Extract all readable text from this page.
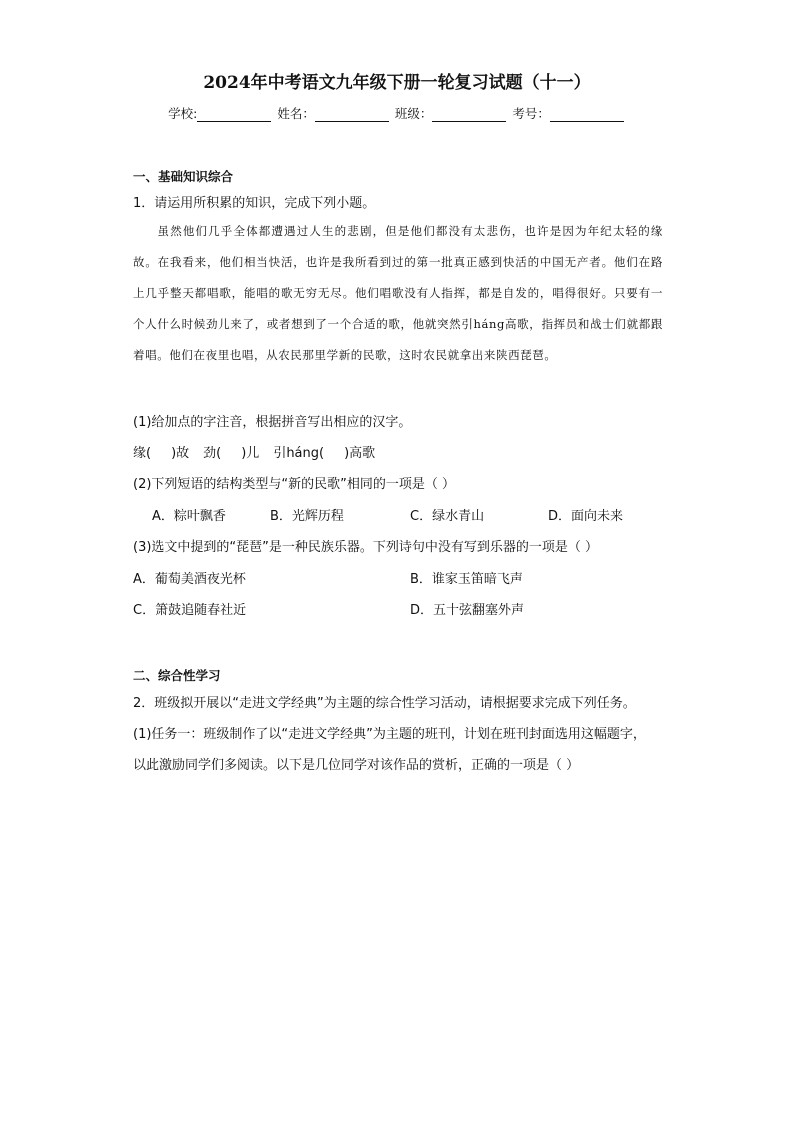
2024年中考语文九年级下册一轮复习试题（十一）
学校:	姓名：	班级：	考号：
一、基础知识综合
1．请运用所积累的知识，完成下列小题。
虽然他们几乎全体都遭遇过人生的悲剧，但是他们都没有太悲伤，也许是因为年纪太轻的缘故。在我看来，他们相当快活，也许是我所看到过的第一批真正感到快活的中国无产者。他们在路上几乎整天都唱歌，能唱的歌无穷无尽。他们唱歌没有人指挥，都是自发的，唱得很好。只要有一个人什么时候劲儿来了，或者想到了一个合适的歌，他就突然引háng高歌，指挥员和战士们就都跟着唱。他们在夜里也唱，从农民那里学新的民歌，这时农民就拿出来陕西琵琶。
(1)给加点的字注音，根据拼音写出相应的汉字。
缘( )故 劲( )儿 引háng( )高歌
(2)下列短语的结构类型与“新的民歌”相同的一项是（ ）
A．粽叶飘香	B．光辉历程	C．绿水青山	D．面向未来
(3)选文中提到的“琵琶”是一种民族乐器。下列诗句中没有写到乐器的一项是（ ）
A．葡萄美酒夜光杯	B．谁家玉笛暗飞声
C．箫鼓追随春社近	D．五十弦翻塞外声
二、综合性学习
2．班级拟开展以“走进文学经典”为主题的综合性学习活动，请根据要求完成下列任务。
(1)任务一：班级制作了以“走进文学经典”为主题的班刊，计划在班刊封面选用这幅题字，
以此激励同学们多阅读。以下是几位同学对该作品的赏析，正确的一项是（ ）
